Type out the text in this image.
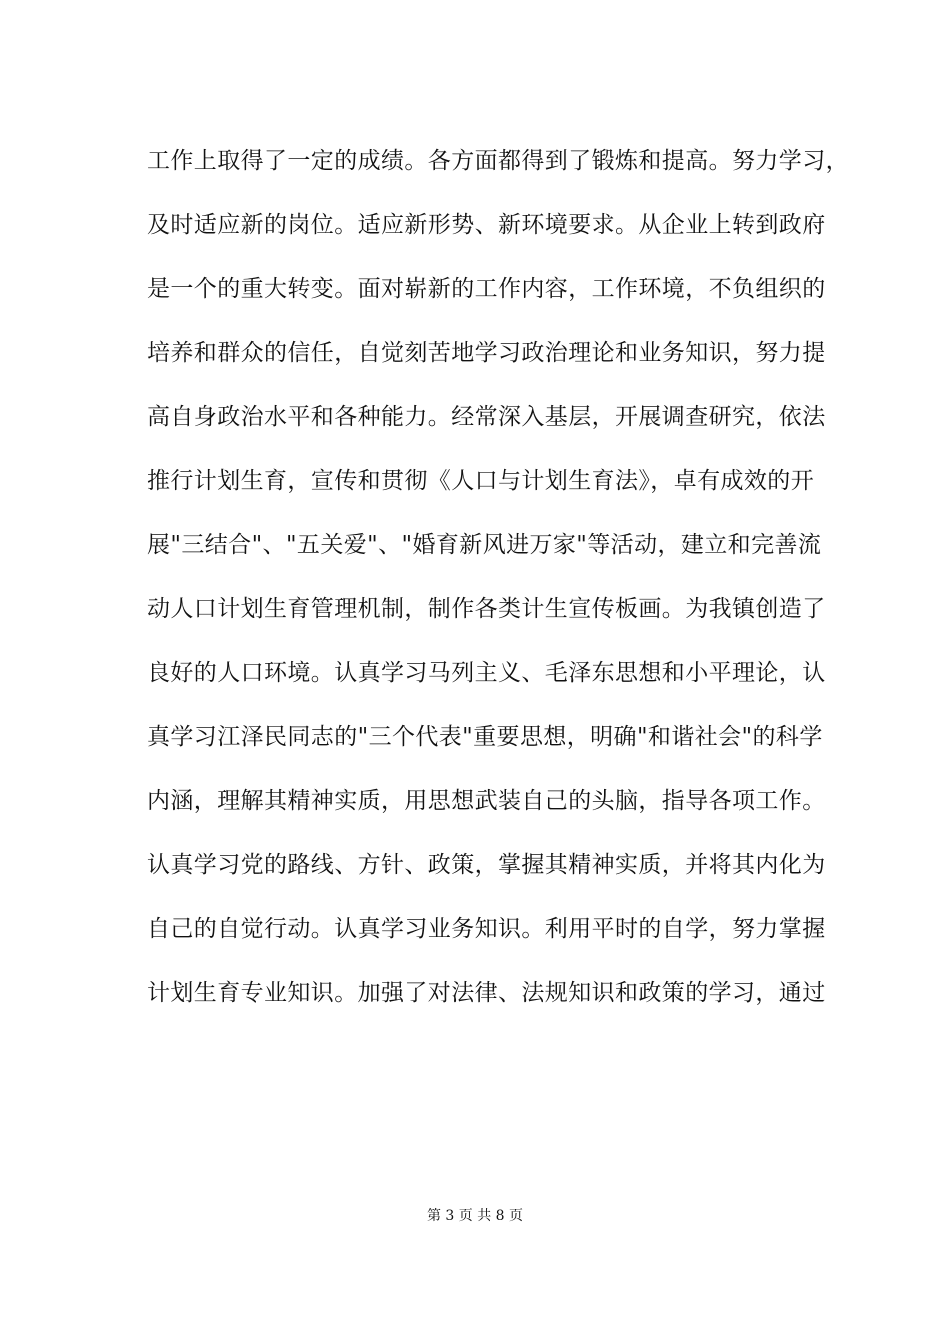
工作上取得了一定的成绩。各方面都得到了锻炼和提高。努力学习，
及时适应新的岗位。适应新形势、新环境要求。从企业上转到政府
是一个的重大转变。面对崭新的工作内容，工作环境，不负组织的
培养和群众的信任，自觉刻苦地学习政治理论和业务知识，努力提
高自身政治水平和各种能力。经常深入基层，开展调查研究，依法
推行计划生育，宣传和贯彻《人口与计划生育法》，卓有成效的开
展"三结合"、"五关爱"、"婚育新风进万家"等活动，建立和完善流
动人口计划生育管理机制，制作各类计生宣传板画。为我镇创造了
良好的人口环境。认真学习马列主义、毛泽东思想和小平理论，认
真学习江泽民同志的"三个代表"重要思想，明确"和谐社会"的科学
内涵，理解其精神实质，用思想武装自己的头脑，指导各项工作。
认真学习党的路线、方针、政策，掌握其精神实质，并将其内化为
自己的自觉行动。认真学习业务知识。利用平时的自学，努力掌握
计划生育专业知识。加强了对法律、法规知识和政策的学习，通过
第 3 页 共 8 页
